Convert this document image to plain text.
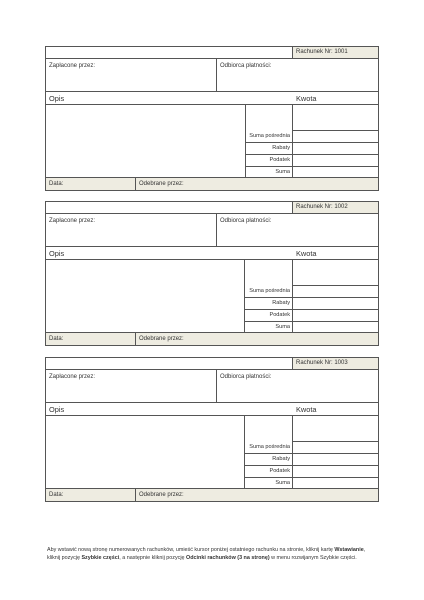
Rachunek Nr: 1001
Zapłacone przez:	Odbiorca płatności:
Opis	Kwota
Suma pośrednia
Rabaty
Podatek
Suma
Data:	Odebrane przez:
Rachunek Nr: 1002
Zapłacone przez:	Odbiorca płatności:
Opis	Kwota
Suma pośrednia
Rabaty
Podatek
Suma
Data:	Odebrane przez:
Rachunek Nr: 1003
Zapłacone przez:	Odbiorca płatności:
Opis	Kwota
Suma pośrednia
Rabaty
Podatek
Suma
Data:	Odebrane przez:
Aby wstawić nową stronę numerowanych rachunków, umieść kursor poniżej ostatniego rachunku na stronie, kliknij kartę Wstawianie, kliknij pozycję Szybkie części, a następnie kliknij pozycję Odcinki rachunków (3 na stronę) w menu rozwijanym Szybkie części.
